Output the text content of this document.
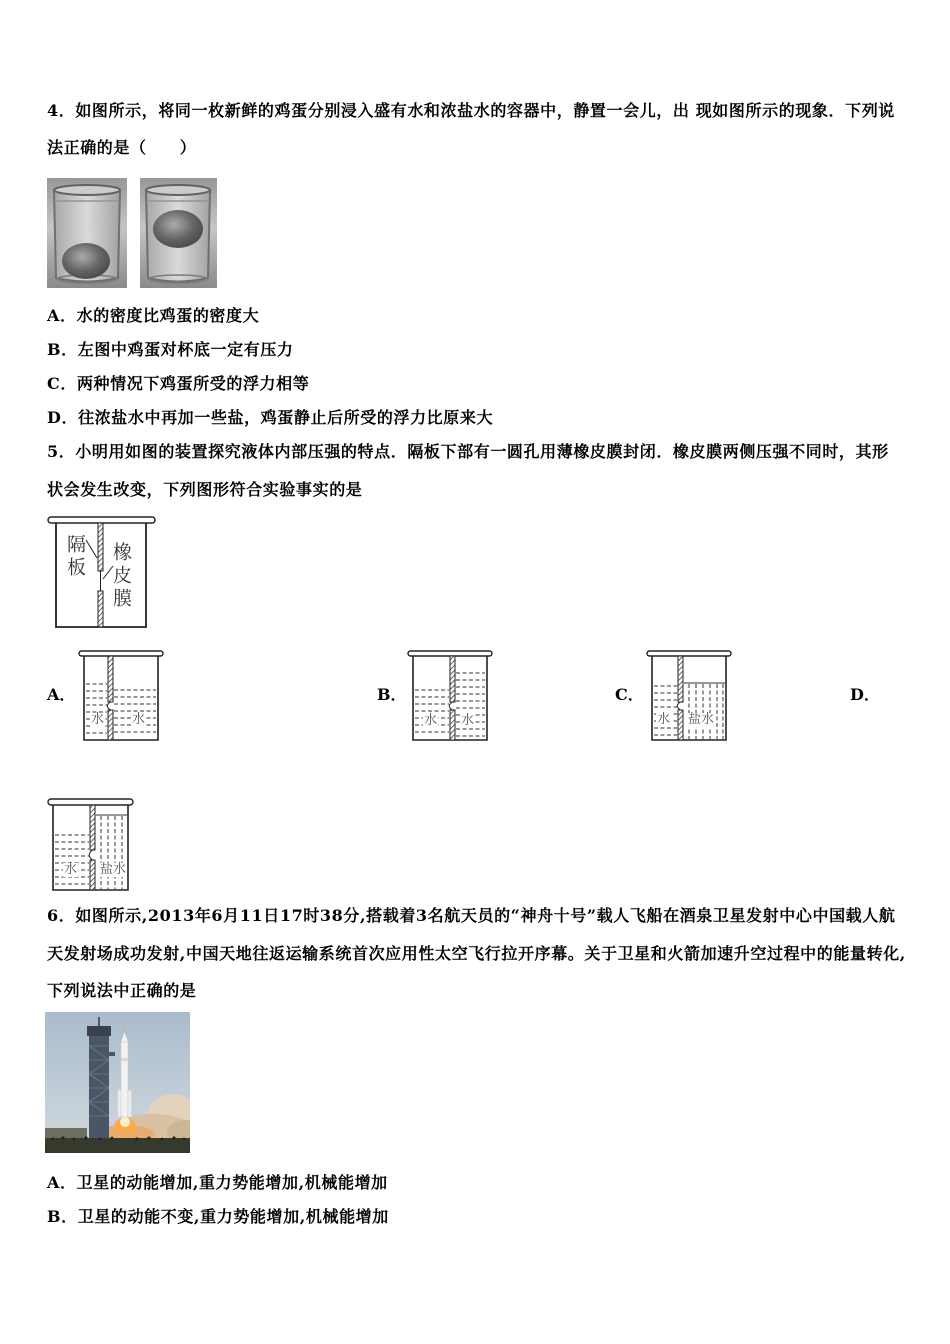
4．如图所示，将同一枚新鲜的鸡蛋分别浸入盛有水和浓盐水的容器中，静置一会儿，出 现如图所示的现象．下列说
法正确的是（　　）
A．水的密度比鸡蛋的密度大
B．左图中鸡蛋对杯底一定有压力
C．两种情况下鸡蛋所受的浮力相等
D．往浓盐水中再加一些盐，鸡蛋静止后所受的浮力比原来大
5．小明用如图的装置探究液体内部压强的特点．隔板下部有一圆孔用薄橡皮膜封闭．橡皮膜两侧压强不同时，其形
状会发生改变，下列图形符合实验事实的是
隔板 橡皮膜
A．	B．	C．	D．
水 水	水 水	水 盐水
水 盐水
6．如图所示,2013年6月11日17时38分,搭载着3名航天员的“神舟十号”载人飞船在酒泉卫星发射中心中国载人航
天发射场成功发射,中国天地往返运输系统首次应用性太空飞行拉开序幕。关于卫星和火箭加速升空过程中的能量转化,
下列说法中正确的是
A．卫星的动能增加,重力势能增加,机械能增加
B．卫星的动能不变,重力势能增加,机械能增加
